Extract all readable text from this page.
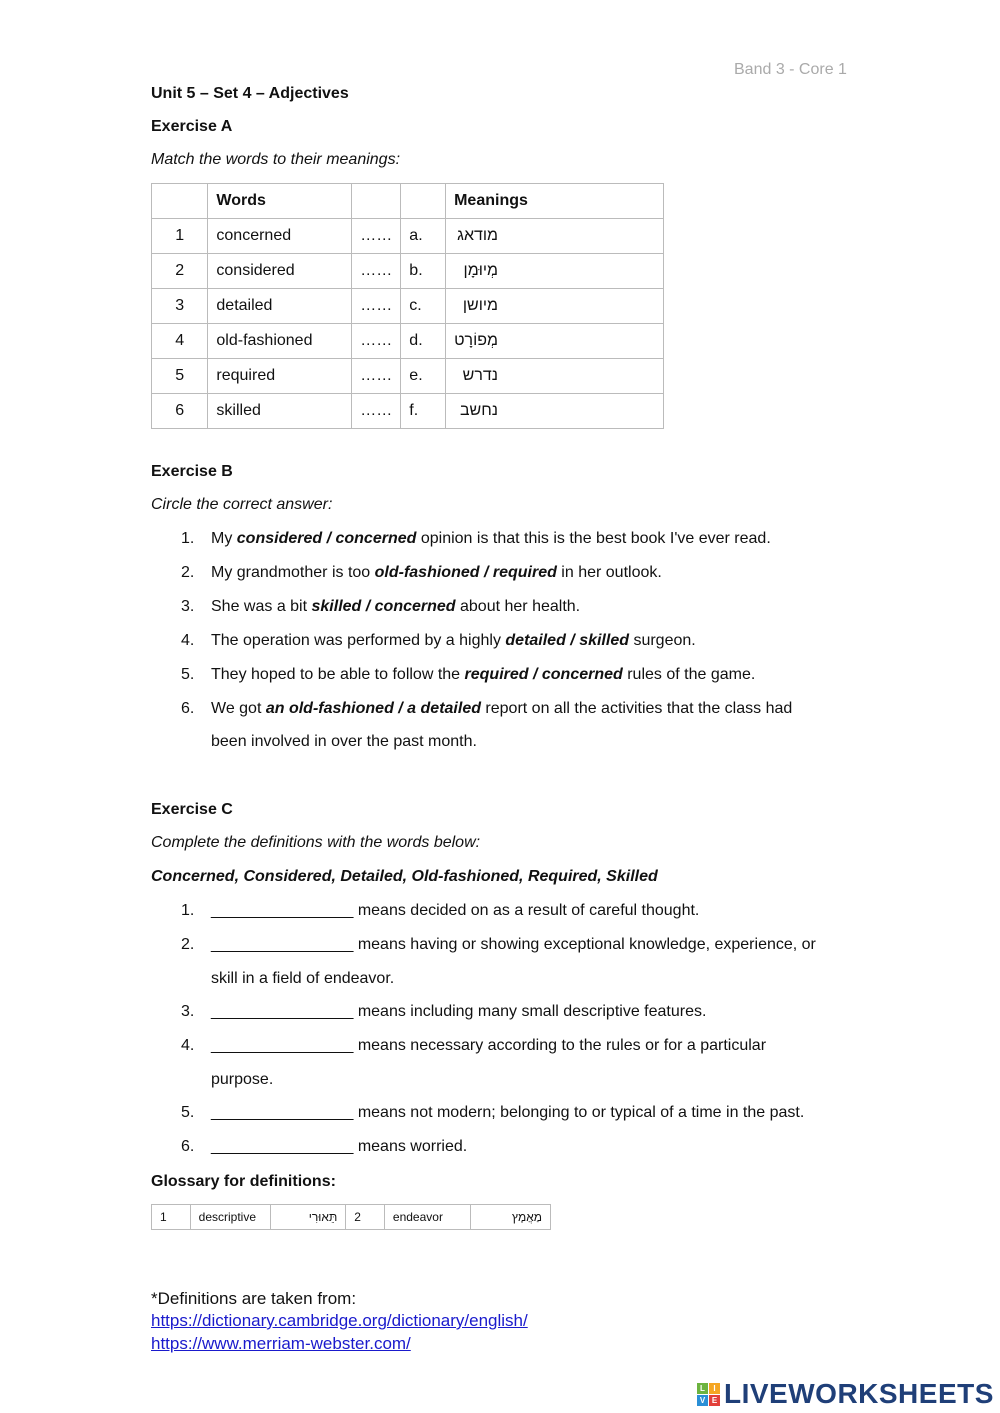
Band 3 - Core 1
Unit 5 – Set 4 – Adjectives
Exercise A
Match the words to their meanings:
	Words			Meanings
1	concerned	……	a.	מודאג
2	considered	……	b.	מְיוּמָן
3	detailed	……	c.	מיושן
4	old-fashioned	……	d.	מְפוֹרָט
5	required	……	e.	נדרש
6	skilled	……	f.	נחשב
Exercise B
Circle the correct answer:
1. My considered / concerned opinion is that this is the best book I've ever read.
2. My grandmother is too old-fashioned / required in her outlook.
3. She was a bit skilled / concerned about her health.
4. The operation was performed by a highly detailed / skilled surgeon.
5. They hoped to be able to follow the required / concerned rules of the game.
6. We got an old-fashioned / a detailed report on all the activities that the class had
been involved in over the past month.
Exercise C
Complete the definitions with the words below:
Concerned, Considered, Detailed, Old-fashioned, Required, Skilled
1. ________________ means decided on as a result of careful thought.
2. ________________ means having or showing exceptional knowledge, experience, or
skill in a field of endeavor.
3. ________________ means including many small descriptive features.
4. ________________ means necessary according to the rules or for a particular
purpose.
5. ________________ means not modern; belonging to or typical of a time in the past.
6. ________________ means worried.
Glossary for definitions:
1	descriptive	תֵּאוּרִי	2	endeavor	מַאֲמָץ
*Definitions are taken from:
https://dictionary.cambridge.org/dictionary/english/
https://www.merriam-webster.com/
L	I
V E LIVEWORKSHEETS
